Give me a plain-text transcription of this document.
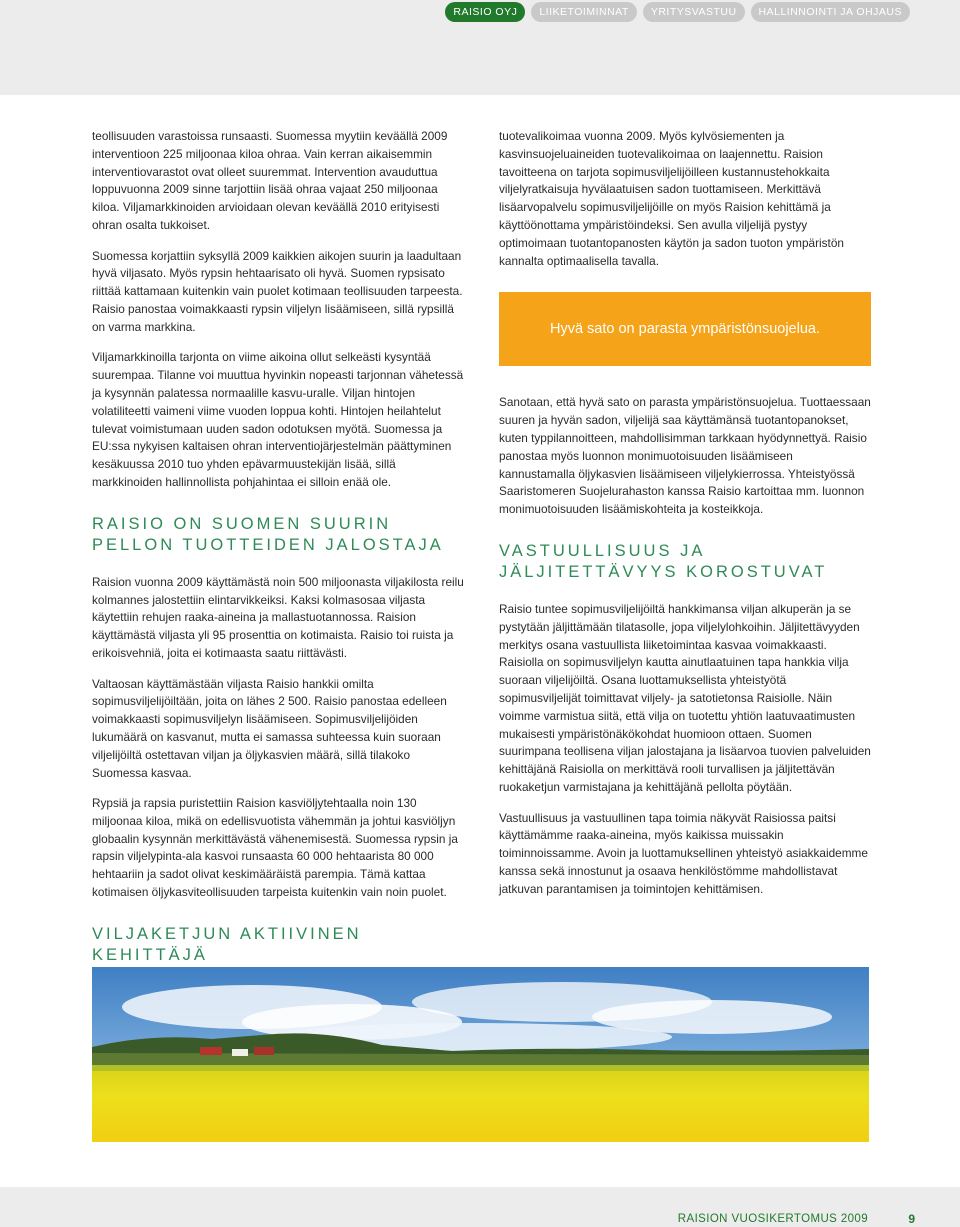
RAISIO OYJ	LIIKETOIMINNAT	YRITYSVASTUU	HALLINNOINTI JA OHJAUS

teollisuuden varastoissa runsaasti. Suomessa myytiin keväällä 2009 interventioon 225 miljoonaa kiloa ohraa. Vain kerran aikaisemmin interventiovarastot ovat olleet suuremmat. Intervention avauduttua loppuvuonna 2009 sinne tarjottiin lisää ohraa vajaat 250 miljoonaa kiloa. Viljamarkkinoiden arvioidaan olevan keväällä 2010 erityisesti ohran osalta tukkoiset.

Suomessa korjattiin syksyllä 2009 kaikkien aikojen suurin ja laadultaan hyvä viljasato. Myös rypsin hehtaarisato oli hyvä. Suomen rypsisato riittää kattamaan kuitenkin vain puolet kotimaan teollisuuden tarpeesta. Raisio panostaa voimakkaasti rypsin viljelyn lisäämiseen, sillä rypsillä on varma markkina.

Viljamarkkinoilla tarjonta on viime aikoina ollut selkeästi kysyntää suurempaa. Tilanne voi muuttua hyvinkin nopeasti tarjonnan vähetessä ja kysynnän palatessa normaalille kasvu-uralle. Viljan hintojen volatiliteetti vaimeni viime vuoden loppua kohti. Hintojen heilahtelut tulevat voimistumaan uuden sadon odotuksen myötä. Suomessa ja EU:ssa nykyisen kaltaisen ohran interventiojärjestelmän päättyminen kesäkuussa 2010 tuo yhden epävarmuustekijän lisää, sillä markkinoiden hallinnollista pohjahintaa ei silloin enää ole.

RAISIO ON SUOMEN SUURIN PELLON TUOTTEIDEN JALOSTAJA

Raision vuonna 2009 käyttämästä noin 500 miljoonasta viljakilosta reilu kolmannes jalostettiin elintarvikkeiksi. Kaksi kolmasosaa viljasta käytettiin rehujen raaka-aineina ja mallastuotannossa. Raision käyttämästä viljasta yli 95 prosenttia on kotimaista. Raisio toi ruista ja erikoisvehniä, joita ei kotimaasta saatu riittävästi.

Valtaosan käyttämästään viljasta Raisio hankkii omilta sopimusviljelijöiltään, joita on lähes 2 500. Raisio panostaa edelleen voimakkaasti sopimusviljelyn lisäämiseen. Sopimusviljelijöiden lukumäärä on kasvanut, mutta ei samassa suhteessa kuin suoraan viljelijöiltä ostettavan viljan ja öljykasvien määrä, sillä tilakoko Suomessa kasvaa.

Rypsiä ja rapsia puristettiin Raision kasviöljytehtaalla noin 130 miljoonaa kiloa, mikä on edellisvuotista vähemmän ja johtui kasviöljyn globaalin kysynnän merkittävästä vähenemisestä. Suomessa rypsin ja rapsin viljelypinta-ala kasvoi runsaasta 60 000 hehtaarista 80 000 hehtaariin ja sadot olivat keskimääräistä parempia. Tämä kattaa kotimaisen öljykasviteollisuuden tarpeista kuitenkin vain noin puolet.

VILJAKETJUN AKTIIVINEN KEHITTÄJÄ

tuotevalikoimaa vuonna 2009. Myös kylvösiementen ja kasvinsuojeluaineiden tuotevalikoimaa on laajennettu. Raision tavoitteena on tarjota sopimusviljelijöilleen kustannustehokkaita viljelyratkaisuja hyvälaatuisen sadon tuottamiseen. Merkittävä lisäarvopalvelu sopimusviljelijöille on myös Raision kehittämä ja käyttöönottama ympäristöindeksi. Sen avulla viljelijä pystyy optimoimaan tuotantopanosten käytön ja sadon tuoton ympäristön kannalta optimaalisella tavalla.

Hyvä sato on parasta ympäristönsuojelua.

Sanotaan, että hyvä sato on parasta ympäristönsuojelua. Tuottaessaan suuren ja hyvän sadon, viljelijä saa käyttämänsä tuotantopanokset, kuten typpilannoitteen, mahdollisimman tarkkaan hyödynnettyä. Raisio panostaa myös luonnon monimuotoisuuden lisäämiseen kannustamalla öljykasvien lisäämiseen viljelykierrossa. Yhteistyössä Saaristomeren Suojelurahaston kanssa Raisio kartoittaa mm. luonnon monimuotoisuuden lisäämiskohteita ja kosteikkoja.

VASTUULLISUUS JA JÄLJITETTÄVYYS KOROSTUVAT

Raisio tuntee sopimusviljelijöiltä hankkimansa viljan alkuperän ja se pystytään jäljittämään tilatasolle, jopa viljelylohkoihin. Jäljitettävyyden merkitys osana vastuullista liiketoimintaa kasvaa voimakkaasti. Raisiolla on sopimusviljelyn kautta ainutlaatuinen tapa hankkia vilja suoraan viljelijöiltä. Osana luottamuksellista yhteistyötä sopimusviljelijät toimittavat viljely- ja satotietonsa Raisiolle. Näin voimme varmistua siitä, että vilja on tuotettu yhtiön laatuvaatimusten mukaisesti ympäristönäkökohdat huomioon ottaen. Suomen suurimpana teollisena viljan jalostajana ja lisäarvoa tuovien palveluiden kehittäjänä Raisiolla on merkittävä rooli turvallisen ja jäljitettävän ruokaketjun varmistajana ja kehittäjänä pellolta pöytään.

Vastuullisuus ja vastuullinen tapa toimia näkyvät Raisiossa paitsi käyttämämme raaka-aineina, myös kaikissa muissakin toiminnoissamme. Avoin ja luottamuksellinen yhteistyö asiakkaidemme kanssa sekä innostunut ja osaava henkilöstömme mahdollistavat jatkuvan parantamisen ja toimintojen kehittämisen.

RAISION VUOSIKERTOMUS 2009	9
